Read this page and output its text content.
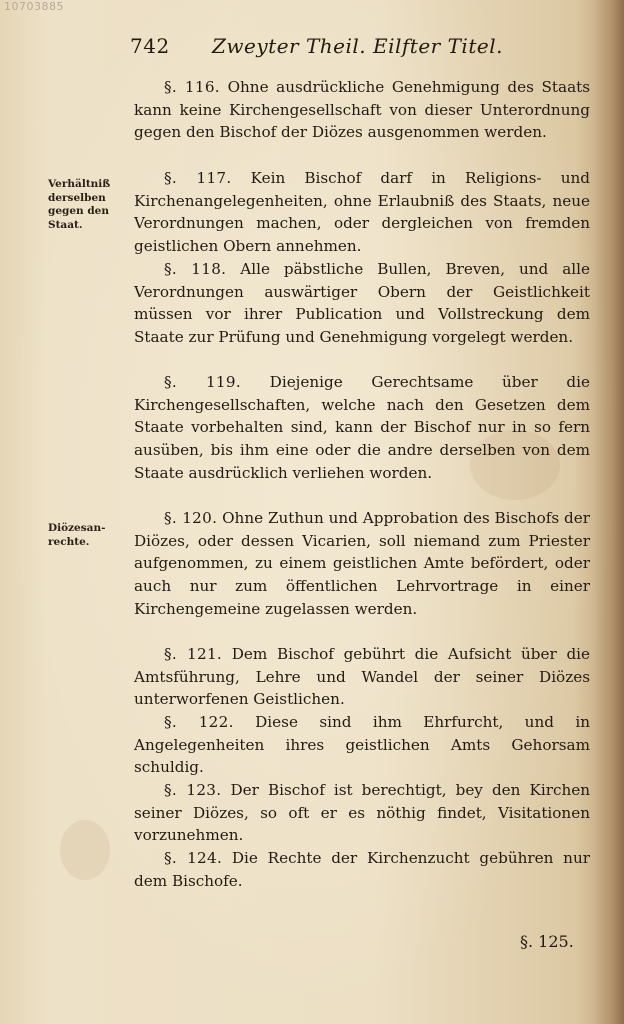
10703885
742 Zweyter Theil. Eilfter Titel.
Verhältniß derselben gegen den Staat.
Diözesanrechte.

§. 116. Ohne ausdrückliche Genehmigung des Staats kann keine Kirchengesellschaft von dieser Unterordnung gegen den Bischof der Diözes ausgenommen werden.

§. 117. Kein Bischof darf in Religions- und Kirchenangelegenheiten, ohne Erlaubniß des Staats, neue Verordnungen machen, oder dergleichen von fremden geistlichen Obern annehmen.

§. 118. Alle päbstliche Bullen, Breven, und alle Verordnungen auswärtiger Obern der Geistlichkeit müssen vor ihrer Publication und Vollstreckung dem Staate zur Prüfung und Genehmigung vorgelegt werden.

§. 119. Diejenige Gerechtsame über die Kirchengesellschaften, welche nach den Gesetzen dem Staate vorbehalten sind, kann der Bischof nur in so fern ausüben, bis ihm eine oder die andre derselben von dem Staate ausdrücklich verliehen worden.

§. 120. Ohne Zuthun und Approbation des Bischofs der Diözes, oder dessen Vicarien, soll niemand zum Priester aufgenommen, zu einem geistlichen Amte befördert, oder auch nur zum öffentlichen Lehrvortrage in einer Kirchengemeine zugelassen werden.

§. 121. Dem Bischof gebührt die Aufsicht über die Amtsführung, Lehre und Wandel der seiner Diözes unterworfenen Geistlichen.

§. 122. Diese sind ihm Ehrfurcht, und in Angelegenheiten ihres geistlichen Amts Gehorsam schuldig.

§. 123. Der Bischof ist berechtigt, bey den Kirchen seiner Diözes, so oft er es nöthig findet, Visitationen vorzunehmen.

§. 124. Die Rechte der Kirchenzucht gebühren nur dem Bischofe.

§. 125.
